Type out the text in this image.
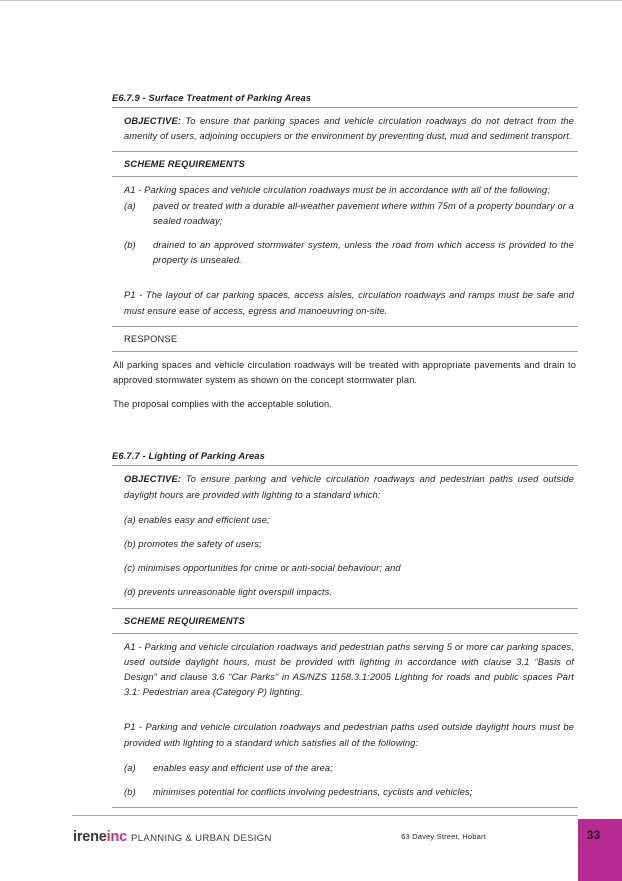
E6.7.9 - Surface Treatment of Parking Areas

OBJECTIVE: To ensure that parking spaces and vehicle circulation roadways do not detract from the amenity of users, adjoining occupiers or the environment by preventing dust, mud and sediment transport.

SCHEME REQUIREMENTS

A1 - Parking spaces and vehicle circulation roadways must be in accordance with all of the following;

(a)	paved or treated with a durable all-weather pavement where within 75m of a property boundary or a sealed roadway;
(b)	drained to an approved stormwater system, unless the road from which access is provided to the property is unsealed.

P1 - The layout of car parking spaces, access aisles, circulation roadways and ramps must be safe and must ensure ease of access, egress and manoeuvring on-site.

RESPONSE

All parking spaces and vehicle circulation roadways will be treated with appropriate pavements and drain to approved stormwater system as shown on the concept stormwater plan.

The proposal complies with the acceptable solution.

E6.7.7 - Lighting of Parking Areas

OBJECTIVE: To ensure parking and vehicle circulation roadways and pedestrian paths used outside daylight hours are provided with lighting to a standard which:

(a) enables easy and efficient use;
(b) promotes the safety of users;
(c) minimises opportunities for crime or anti-social behaviour; and
(d) prevents unreasonable light overspill impacts.
SCHEME REQUIREMENTS

A1 - Parking and vehicle circulation roadways and pedestrian paths serving 5 or more car parking spaces, used outside daylight hours, must be provided with lighting in accordance with clause 3.1 “Basis of Design” and clause 3.6 “Car Parks” in AS/NZS 1158.3.1:2005 Lighting for roads and public spaces Part 3.1: Pedestrian area (Category P) lighting.

P1 - Parking and vehicle circulation roadways and pedestrian paths used outside daylight hours must be provided with lighting to a standard which satisfies all of the following:

(a)	enables easy and efficient use of the area;
(b)	minimises potential for conflicts involving pedestrians, cyclists and vehicles;
ireneinc PLANNING & URBAN DESIGN	63 Davey Street, Hobart	33
